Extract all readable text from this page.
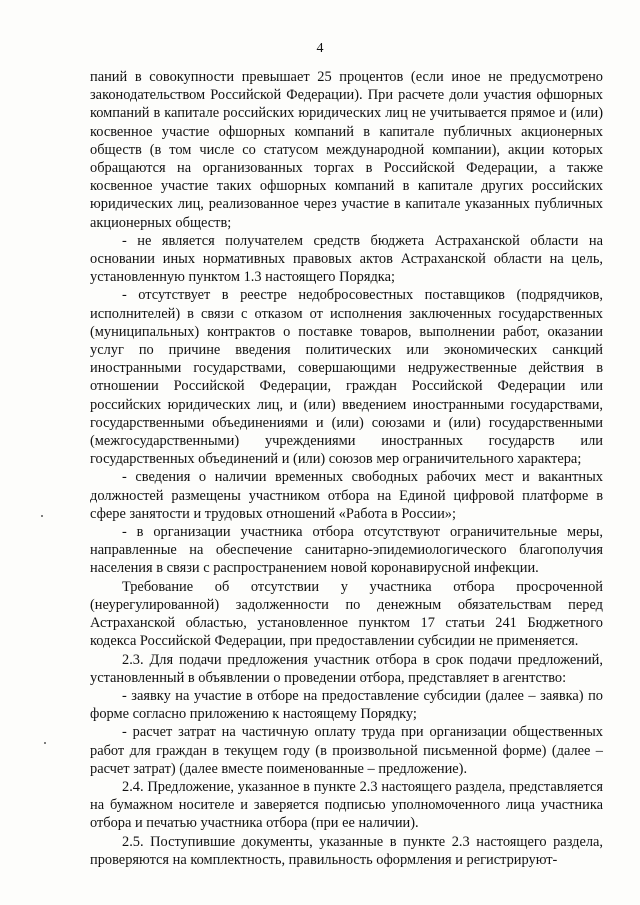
4

паний в совокупности превышает 25 процентов (если иное не предусмотрено законодательством Российской Федерации). При расчете доли участия офшорных компаний в капитале российских юридических лиц не учитывается прямое и (или) косвенное участие офшорных компаний в капитале публичных акционерных обществ (в том числе со статусом международной компании), акции которых обращаются на организованных торгах в Российской Федерации, а также косвенное участие таких офшорных компаний в капитале других российских юридических лиц, реализованное через участие в капитале указанных публичных акционерных обществ;

- не является получателем средств бюджета Астраханской области на основании иных нормативных правовых актов Астраханской области на цель, установленную пунктом 1.3 настоящего Порядка;

- отсутствует в реестре недобросовестных поставщиков (подрядчиков, исполнителей) в связи с отказом от исполнения заключенных государственных (муниципальных) контрактов о поставке товаров, выполнении работ, оказании услуг по причине введения политических или экономических санкций иностранными государствами, совершающими недружественные действия в отношении Российской Федерации, граждан Российской Федерации или российских юридических лиц, и (или) введением иностранными государствами, государственными объединениями и (или) союзами и (или) государственными (межгосударственными) учреждениями иностранных государств или государственных объединений и (или) союзов мер ограничительного характера;

- сведения о наличии временных свободных рабочих мест и вакантных должностей размещены участником отбора на Единой цифровой платформе в сфере занятости и трудовых отношений «Работа в России»;

- в организации участника отбора отсутствуют ограничительные меры, направленные на обеспечение санитарно-эпидемиологического благополучия населения в связи с распространением новой коронавирусной инфекции.

Требование об отсутствии у участника отбора просроченной (неурегулированной) задолженности по денежным обязательствам перед Астраханской областью, установленное пунктом 17 статьи 241 Бюджетного кодекса Российской Федерации, при предоставлении субсидии не применяется.

2.3. Для подачи предложения участник отбора в срок подачи предложений, установленный в объявлении о проведении отбора, представляет в агентство:

- заявку на участие в отборе на предоставление субсидии (далее – заявка) по форме согласно приложению к настоящему Порядку;

- расчет затрат на частичную оплату труда при организации общественных работ для граждан в текущем году (в произвольной письменной форме) (далее – расчет затрат) (далее вместе поименованные – предложение).

2.4. Предложение, указанное в пункте 2.3 настоящего раздела, представляется на бумажном носителе и заверяется подписью уполномоченного лица участника отбора и печатью участника отбора (при ее наличии).

2.5. Поступившие документы, указанные в пункте 2.3 настоящего раздела, проверяются на комплектность, правильность оформления и регистрируют-
